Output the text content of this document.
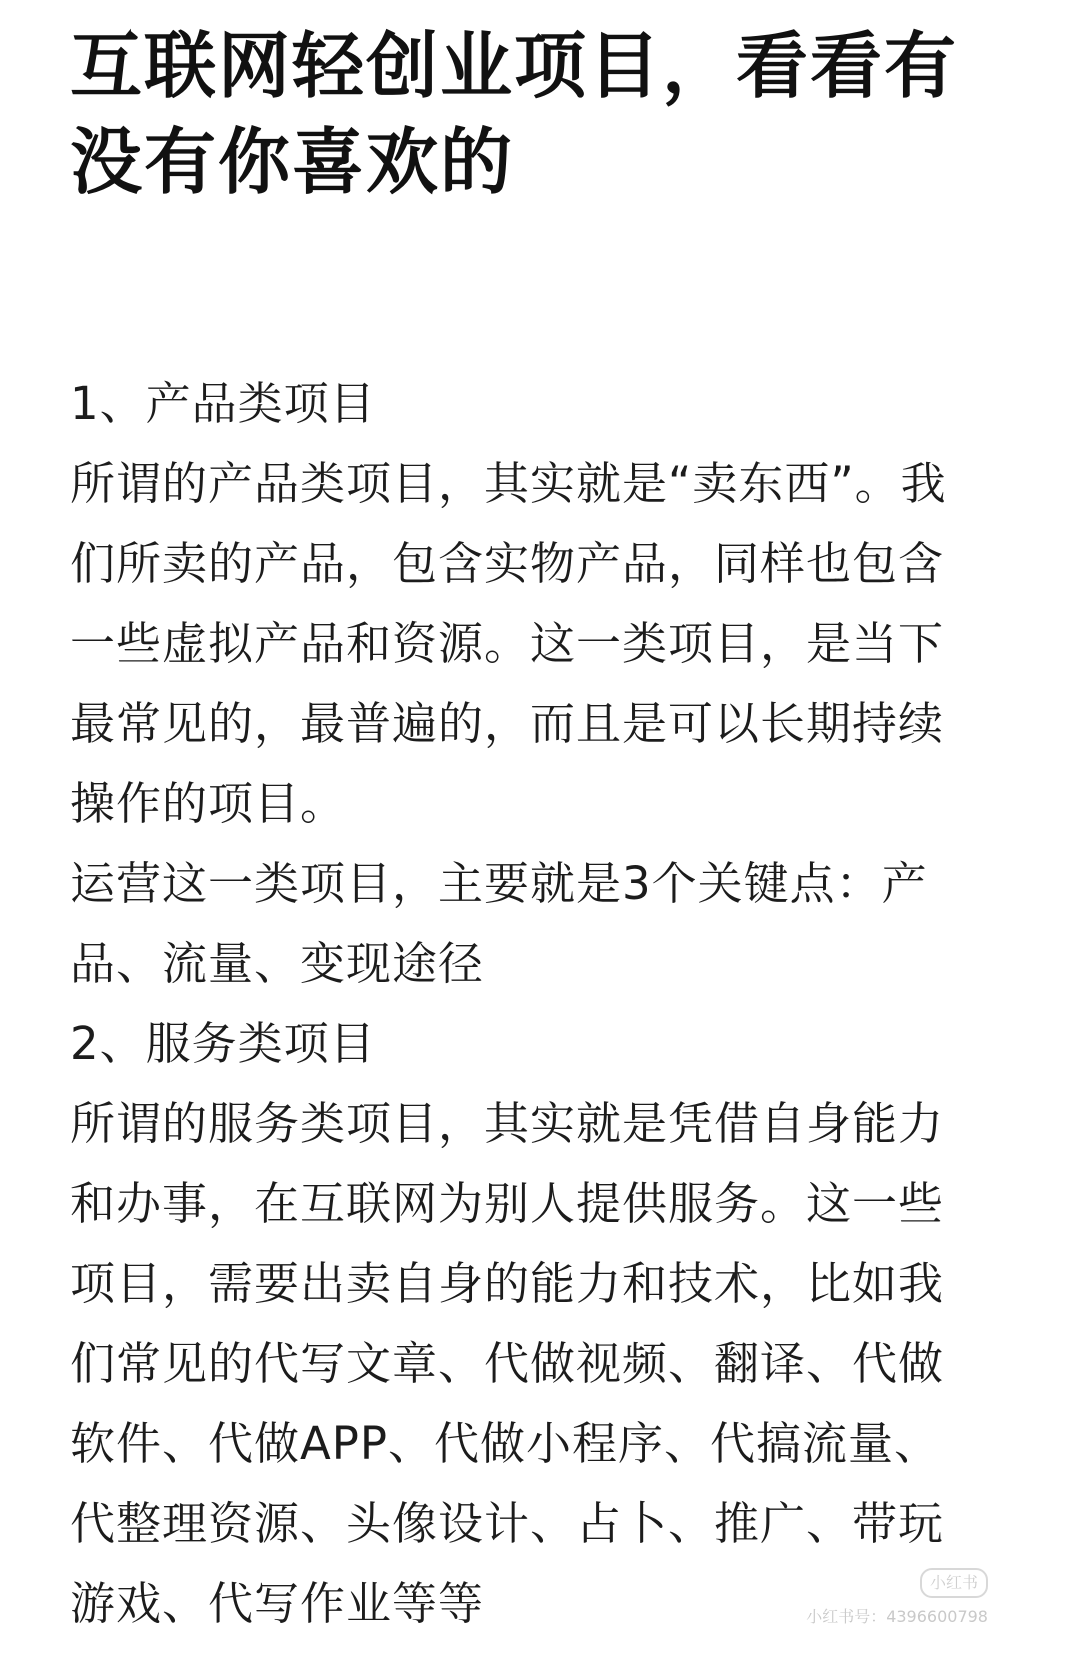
互联网轻创业项目，看看有没有你喜欢的

1、产品类项目

所谓的产品类项目，其实就是“卖东西”。我们所卖的产品，包含实物产品，同样也包含一些虚拟产品和资源。这一类项目，是当下最常见的，最普遍的，而且是可以长期持续操作的项目。

运营这一类项目，主要就是3个关键点：产品、流量、变现途径

2、服务类项目

所谓的服务类项目，其实就是凭借自身能力和办事，在互联网为别人提供服务。这一些项目，需要出卖自身的能力和技术，比如我们常见的代写文章、代做视频、翻译、代做软件、代做APP、代做小程序、代搞流量、代整理资源、头像设计、占卜、推广、带玩游戏、代写作业等等	小红书
小红书号：4396600798
